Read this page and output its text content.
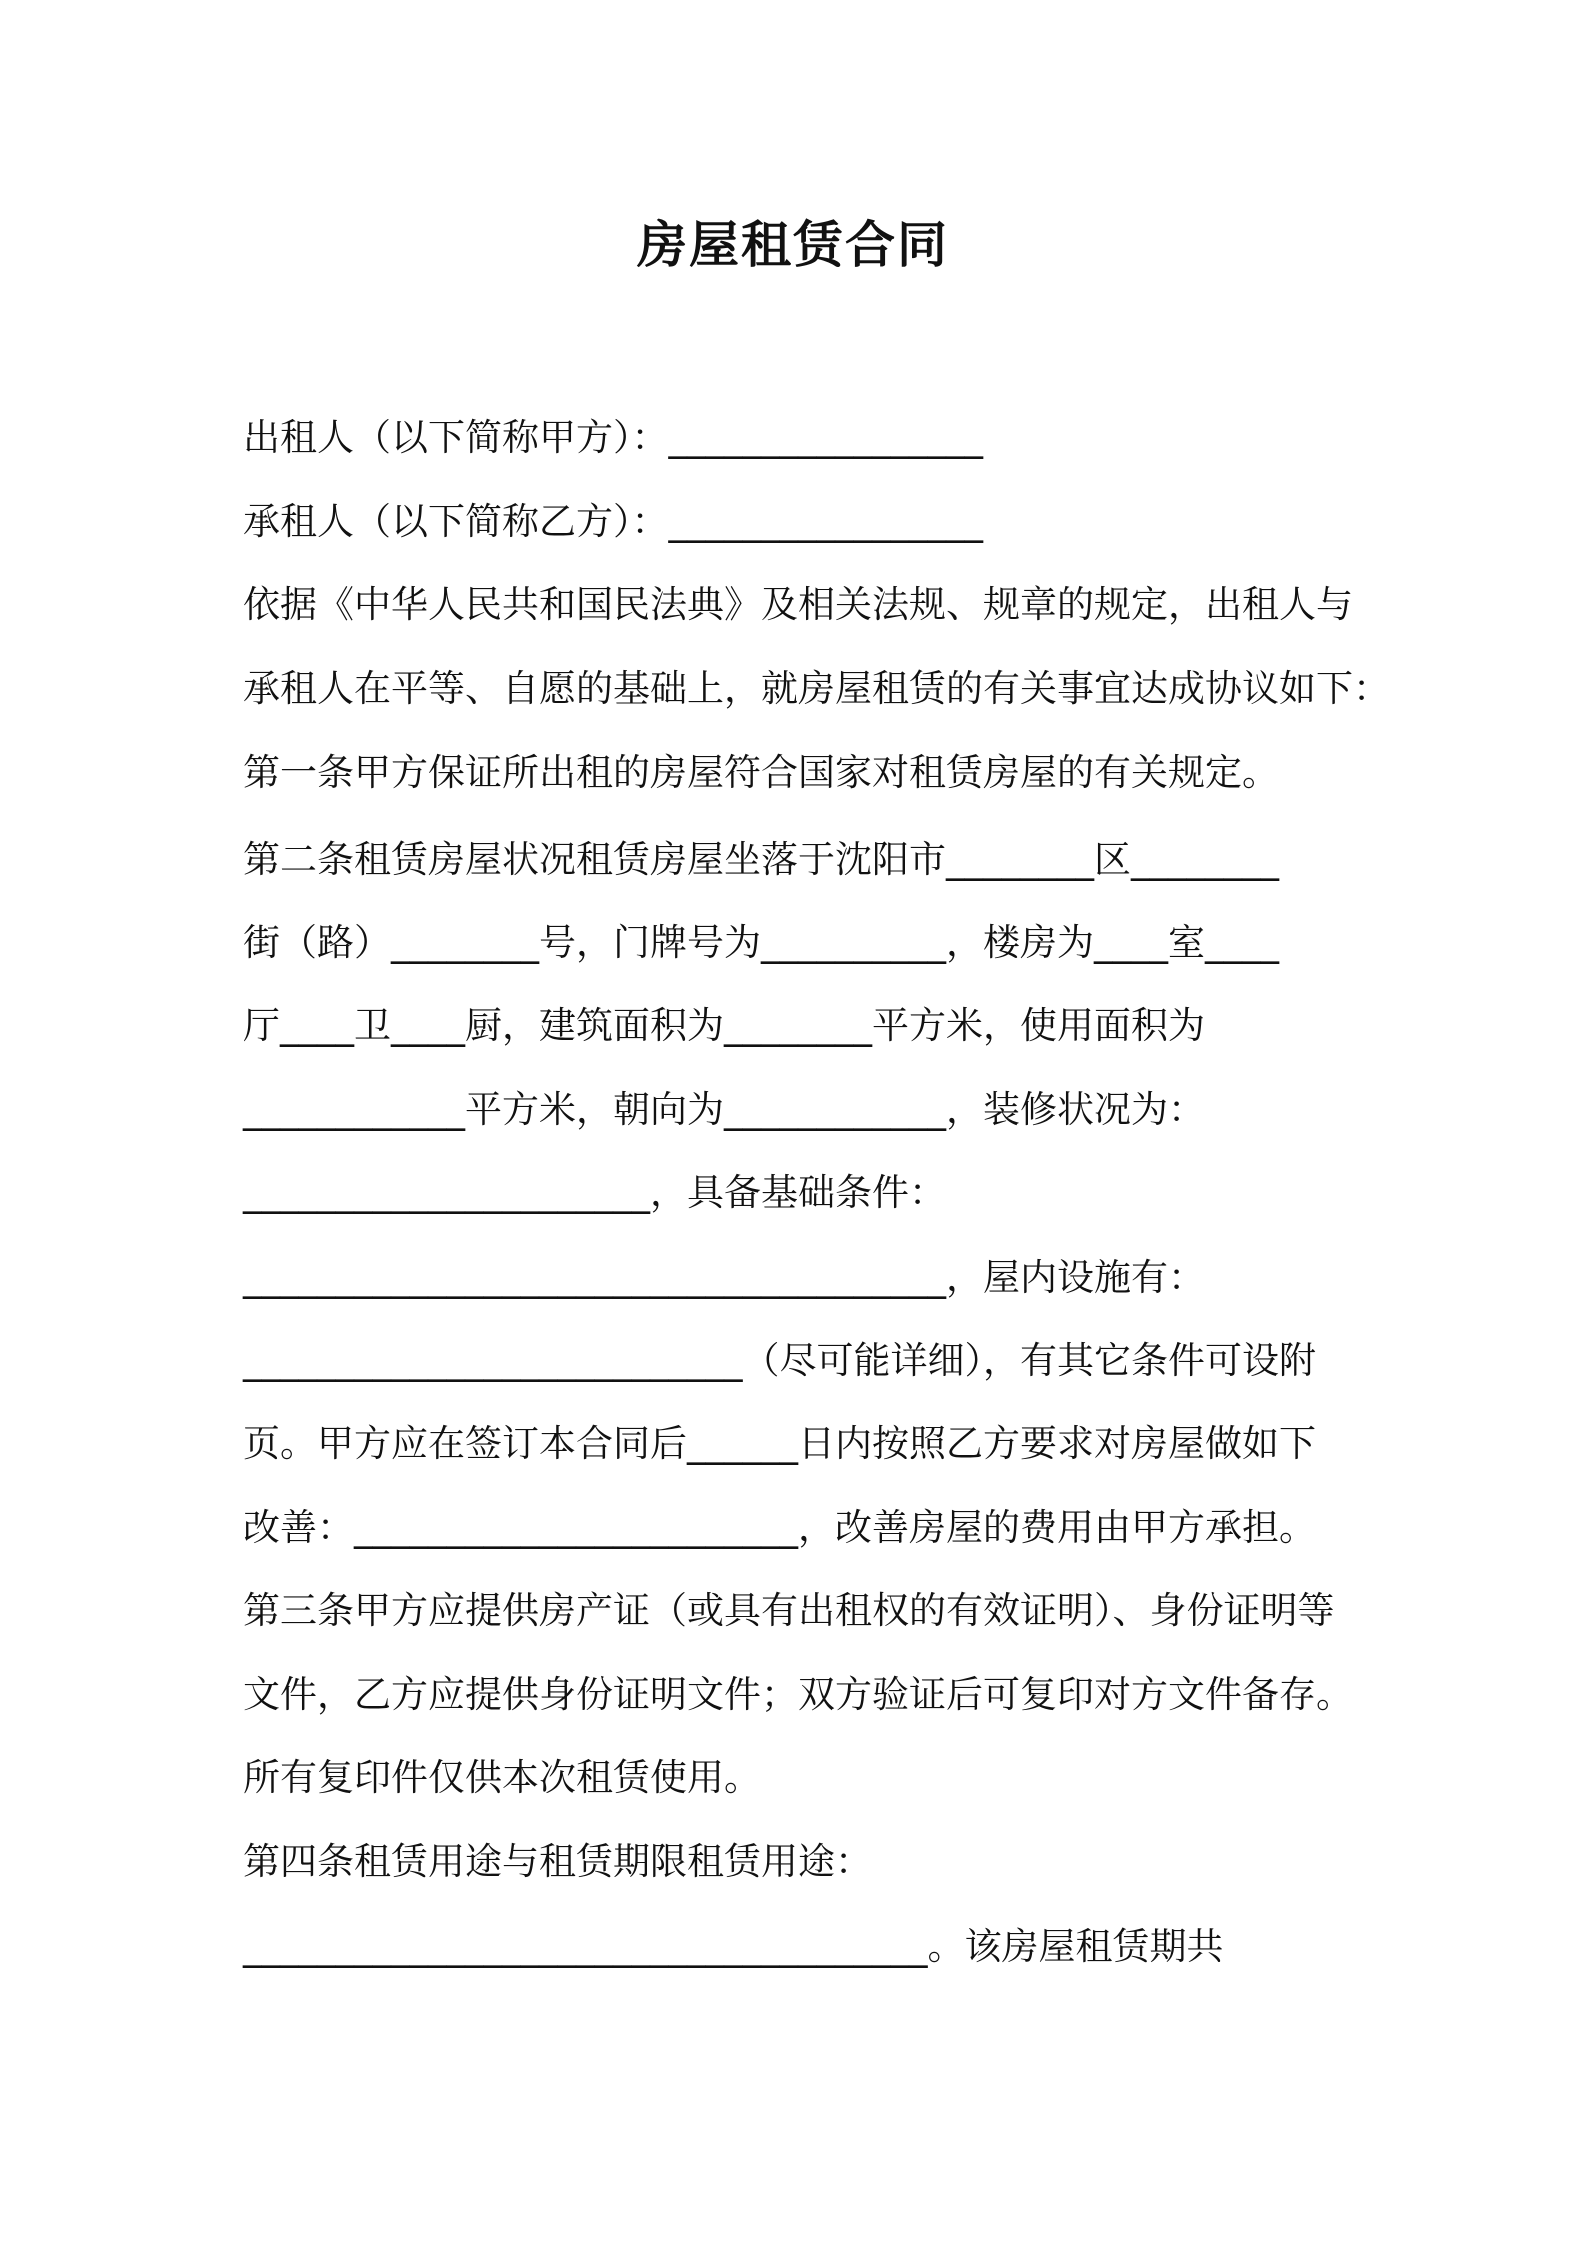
房屋租赁合同
出租人（以下简称甲方）：_________________
承租人（以下简称乙方）：_________________
依据《中华人民共和国民法典》及相关法规、规章的规定，出租人与
承租人在平等、自愿的基础上，就房屋租赁的有关事宜达成协议如下：
第一条甲方保证所出租的房屋符合国家对租赁房屋的有关规定。
第二条租赁房屋状况租赁房屋坐落于沈阳市________区________
街（路）________号，门牌号为__________，楼房为____室____
厅____卫____厨，建筑面积为________平方米，使用面积为
____________平方米，朝向为____________，装修状况为：
______________________，具备基础条件：
______________________________________，屋内设施有：
___________________________（尽可能详细），有其它条件可设附
页。甲方应在签订本合同后______日内按照乙方要求对房屋做如下
改善：________________________，改善房屋的费用由甲方承担。
第三条甲方应提供房产证（或具有出租权的有效证明）、身份证明等
文件，乙方应提供身份证明文件；双方验证后可复印对方文件备存。
所有复印件仅供本次租赁使用。
第四条租赁用途与租赁期限租赁用途：
_____________________________________。该房屋租赁期共
